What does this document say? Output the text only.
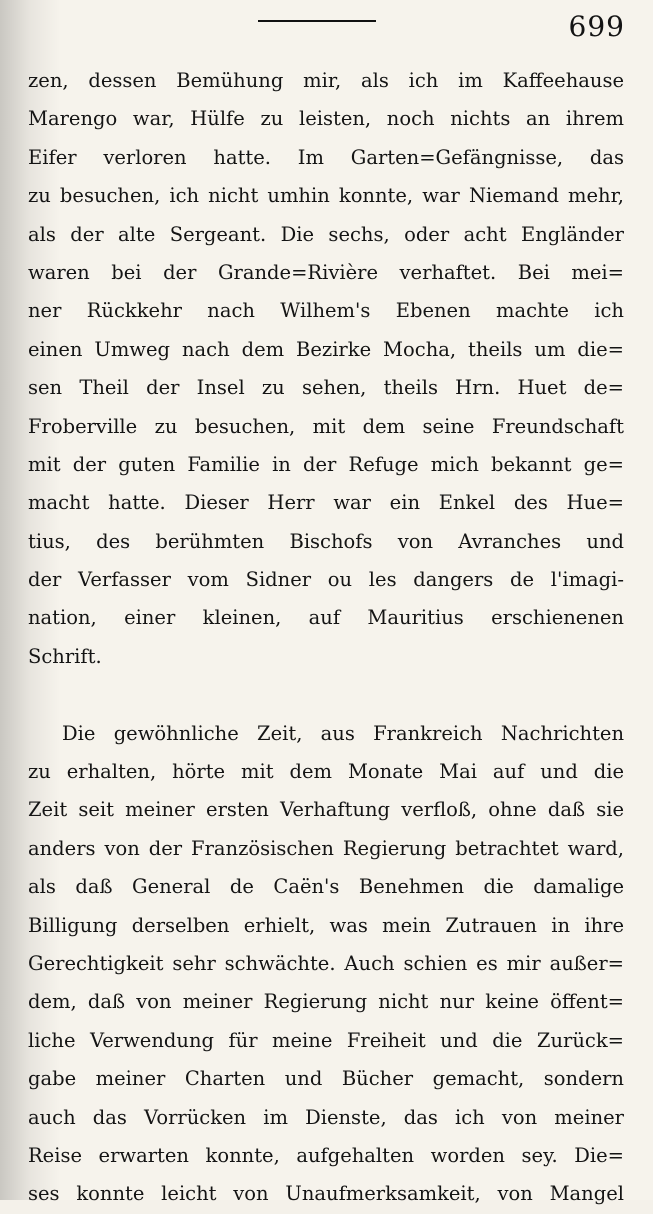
699
zen, dessen Bemühung mir, als ich im Kaffeehause
Marengo war, Hülfe zu leisten, noch nichts an ihrem
Eifer verloren hatte. Im Garten=Gefängnisse, das
zu besuchen, ich nicht umhin konnte, war Niemand mehr,
als der alte Sergeant. Die sechs, oder acht Engländer
waren bei der Grande=Rivière verhaftet. Bei mei=
ner Rückkehr nach Wilhem's Ebenen machte ich
einen Umweg nach dem Bezirke Mocha, theils um die=
sen Theil der Insel zu sehen, theils Hrn. Huet de=
Froberville zu besuchen, mit dem seine Freundschaft
mit der guten Familie in der Refuge mich bekannt ge=
macht hatte. Dieser Herr war ein Enkel des Hue=
tius, des berühmten Bischofs von Avranches und
der Verfasser vom Sidner ou les dangers de l'imagi-
nation, einer kleinen, auf Mauritius erschienenen
Schrift.
Die gewöhnliche Zeit, aus Frankreich Nachrichten
zu erhalten, hörte mit dem Monate Mai auf und die
Zeit seit meiner ersten Verhaftung verfloß, ohne daß sie
anders von der Französischen Regierung betrachtet ward,
als daß General de Caën's Benehmen die damalige
Billigung derselben erhielt, was mein Zutrauen in ihre
Gerechtigkeit sehr schwächte. Auch schien es mir außer=
dem, daß von meiner Regierung nicht nur keine öffent=
liche Verwendung für meine Freiheit und die Zurück=
gabe meiner Charten und Bücher gemacht, sondern
auch das Vorrücken im Dienste, das ich von meiner
Reise erwarten konnte, aufgehalten worden sey. Die=
ses konnte leicht von Unaufmerksamkeit, von Mangel
